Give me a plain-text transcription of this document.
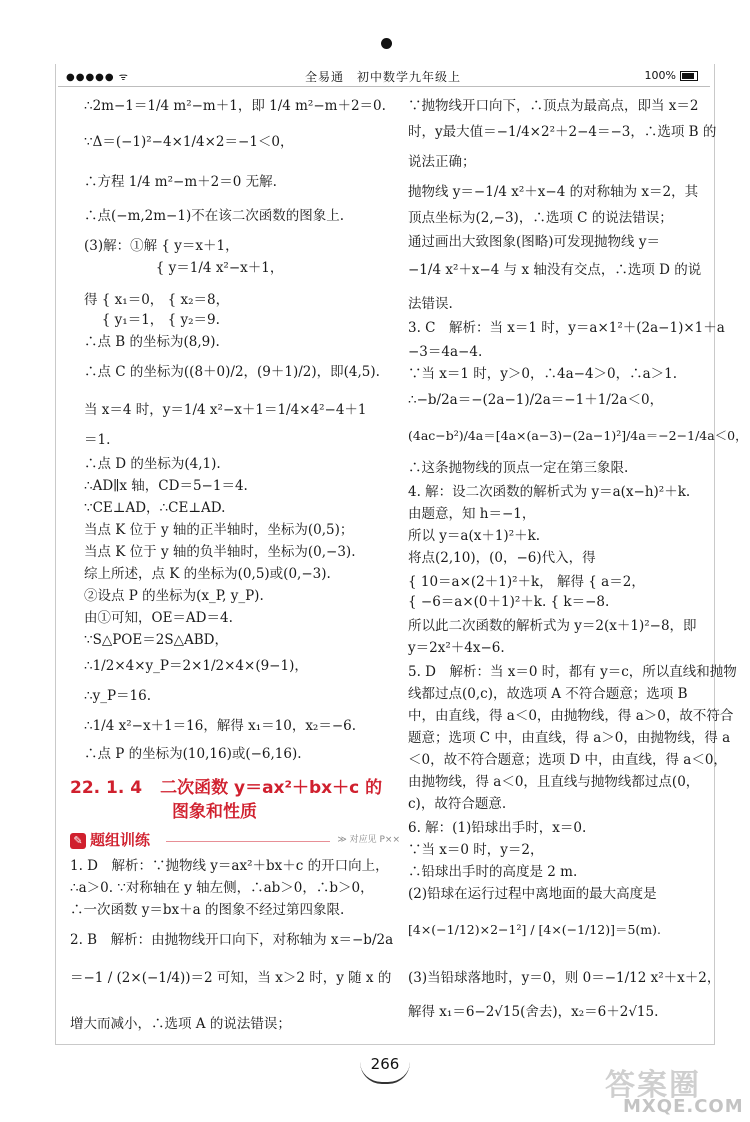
●●●●● ᯤ	全易通　初中数学九年级上	100%
∴2m−1＝1/4 m²−m＋1，即 1/4 m²−m＋2＝0.
∵Δ＝(−1)²−4×1/4×2＝−1＜0，
∴方程 1/4 m²−m＋2＝0 无解.
∴点(−m,2m−1)不在该二次函数的图象上.
(3)解：①解 { y＝x＋1，
　　　　　 { y＝1/4 x²−x＋1，
得 { x₁＝0， { x₂＝8，
　 { y₁＝1， { y₂＝9.
∴点 B 的坐标为(8,9).
∴点 C 的坐标为((8＋0)/2，(9＋1)/2)，即(4,5).
当 x＝4 时，y＝1/4 x²−x＋1＝1/4×4²−4＋1
＝1.
∴点 D 的坐标为(4,1).
∴AD∥x 轴，CD＝5−1＝4.
∵CE⊥AD，∴CE⊥AD.
当点 K 位于 y 轴的正半轴时，坐标为(0,5)；
当点 K 位于 y 轴的负半轴时，坐标为(0,−3).
综上所述，点 K 的坐标为(0,5)或(0,−3).
②设点 P 的坐标为(x_P, y_P).
由①可知，OE＝AD＝4.
∵S△POE＝2S△ABD，
∴1/2×4×y_P＝2×1/2×4×(9−1)，
∴y_P＝16.
∴1/4 x²−x＋1＝16，解得 x₁＝10，x₂＝−6.
∴点 P 的坐标为(10,16)或(−6,16).
22. 1. 4 二次函数 y＝ax²＋bx＋c 的
图象和性质
✎ 题组训练	≫ 对应见 P××
1. D　解析：∵抛物线 y＝ax²＋bx＋c 的开口向上，
∴a＞0. ∵对称轴在 y 轴左侧，∴ab＞0，∴b＞0，
∴一次函数 y＝bx＋a 的图象不经过第四象限.
2. B　解析：由抛物线开口向下，对称轴为 x＝−b/2a
＝−1 / (2×(−1/4))＝2 可知，当 x＞2 时，y 随 x 的
增大而减小，∴选项 A 的说法错误；
∵抛物线开口向下，∴顶点为最高点，即当 x＝2
时，y最大值＝−1/4×2²＋2−4＝−3，∴选项 B 的
说法正确；
抛物线 y＝−1/4 x²＋x−4 的对称轴为 x＝2，其
顶点坐标为(2,−3)，∴选项 C 的说法错误；
通过画出大致图象(图略)可发现抛物线 y＝
−1/4 x²＋x−4 与 x 轴没有交点，∴选项 D 的说
法错误.
3. C　解析：当 x＝1 时，y＝a×1²＋(2a−1)×1＋a
−3＝4a−4.
∵当 x＝1 时，y＞0，∴4a−4＞0，∴a＞1.
∴−b/2a＝−(2a−1)/2a＝−1＋1/2a＜0，
(4ac−b²)/4a＝[4a×(a−3)−(2a−1)²]/4a＝−2−1/4a＜0，
∴这条抛物线的顶点一定在第三象限.
4. 解：设二次函数的解析式为 y＝a(x−h)²＋k.
由题意，知 h＝−1，
所以 y＝a(x＋1)²＋k.
将点(2,10)，(0，−6)代入，得
{ 10＝a×(2＋1)²＋k， 解得 { a＝2，
{ −6＝a×(0＋1)²＋k. { k＝−8.
所以此二次函数的解析式为 y＝2(x＋1)²−8，即
y＝2x²＋4x−6.
5. D　解析：当 x＝0 时，都有 y＝c，所以直线和抛物
线都过点(0,c)，故选项 A 不符合题意；选项 B
中，由直线，得 a＜0，由抛物线，得 a＞0，故不符合
题意；选项 C 中，由直线，得 a＞0，由抛物线，得 a
＜0，故不符合题意；选项 D 中，由直线，得 a＜0，
由抛物线，得 a＜0，且直线与抛物线都过点(0，
c)，故符合题意.
6. 解：(1)铅球出手时，x＝0.
∵当 x＝0 时，y＝2，
∴铅球出手时的高度是 2 m.
(2)铅球在运行过程中离地面的最大高度是
[4×(−1/12)×2−1²] / [4×(−1/12)]＝5(m).
(3)当铅球落地时，y＝0，则 0＝−1/12 x²＋x＋2，
解得 x₁＝6−2√15(舍去)，x₂＝6＋2√15.
266
答案圈
MXQE.COM
